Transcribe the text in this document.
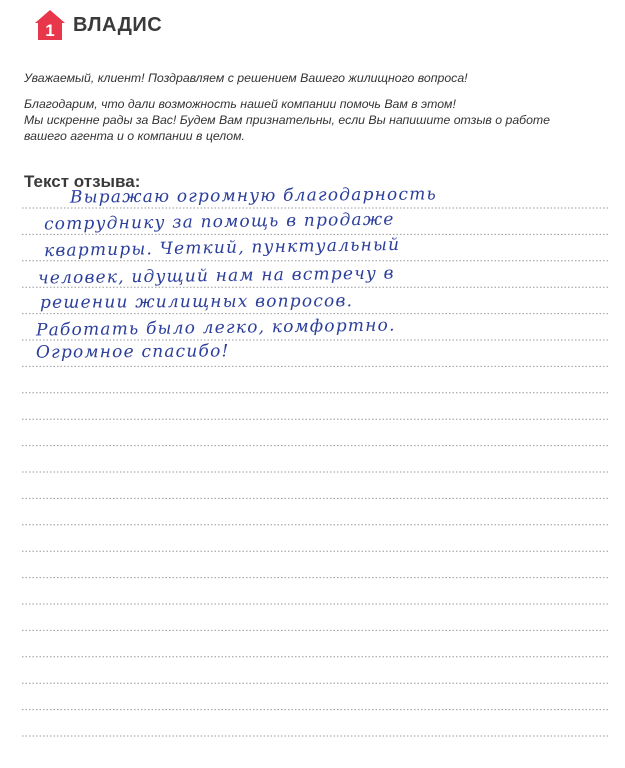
1 ВЛАДИС

Уважаемый, клиент! Поздравляем с решением Вашего жилищного вопроса!

Благодарим, что дали возможность нашей компании помочь Вам в этом!

Мы искренне рады за Вас! Будем Вам признательны, если Вы напишите отзыв о работе

вашего агента и о компании в целом.

Текст отзыва:
Выражаю огромную благодарность
сотруднику за помощь в продаже
квартиры. Четкий, пунктуальный
человек, идущий нам на встречу в
решении жилищных вопросов.
Работать было легко, комфортно.
Огромное спасибо!
